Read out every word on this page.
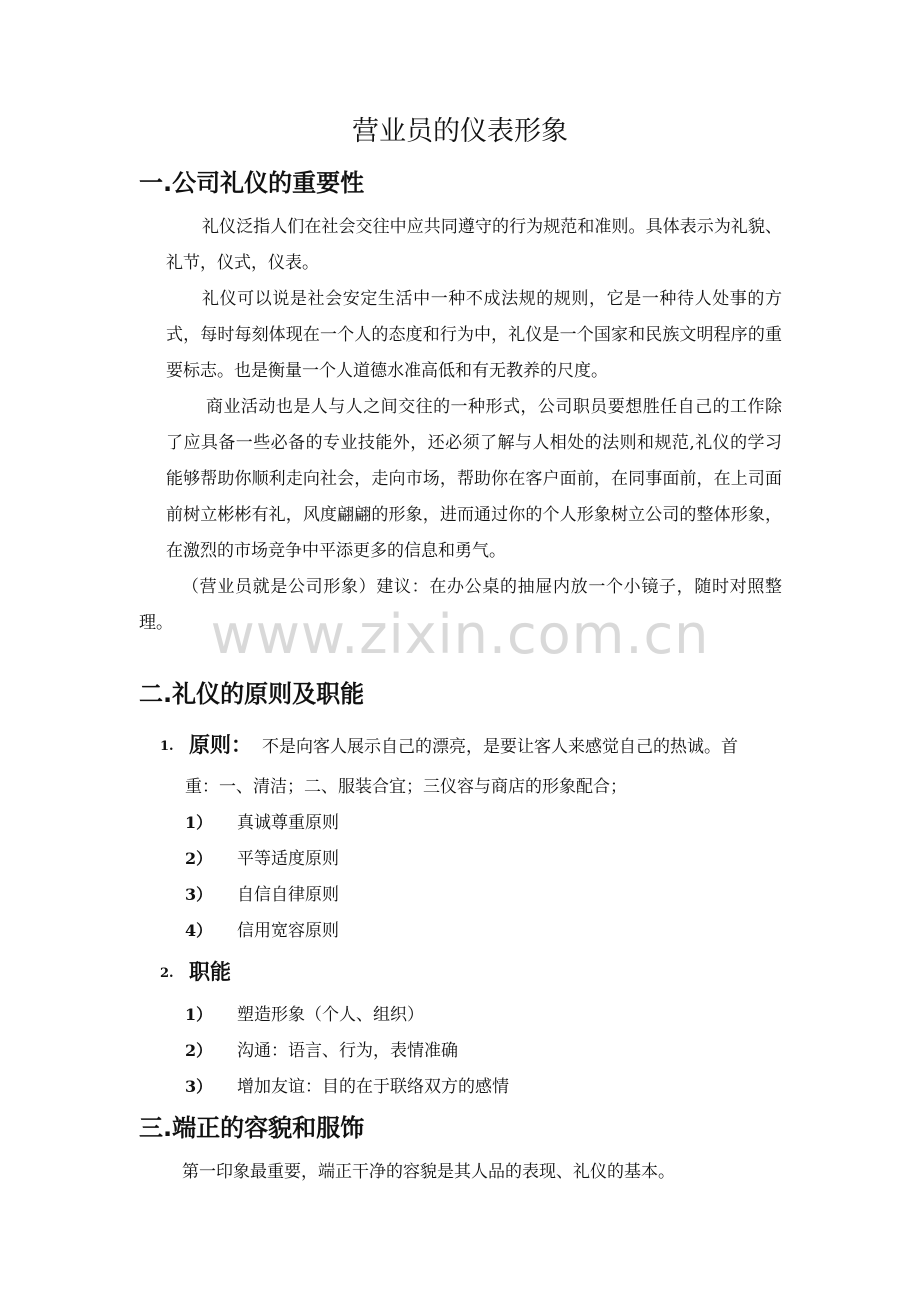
营业员的仪表形象
一.公司礼仪的重要性

礼仪泛指人们在社会交往中应共同遵守的行为规范和准则。具体表示为礼貌、礼节，仪式，仪表。

礼仪可以说是社会安定生活中一种不成法规的规则，它是一种待人处事的方式，每时每刻体现在一个人的态度和行为中，礼仪是一个国家和民族文明程序的重要标志。也是衡量一个人道德水准高低和有无教养的尺度。

商业活动也是人与人之间交往的一种形式，公司职员要想胜任自己的工作除了应具备一些必备的专业技能外，还必须了解与人相处的法则和规范,礼仪的学习能够帮助你顺利走向社会，走向市场，帮助你在客户面前，在同事面前，在上司面前树立彬彬有礼，风度翩翩的形象，进而通过你的个人形象树立公司的整体形象，在激烈的市场竞争中平添更多的信息和勇气。

（营业员就是公司形象）建议：在办公桌的抽屉内放一个小镜子，随时对照整理。 www.zixin.com.cn
二.礼仪的原则及职能
1. 原则： 不是向客人展示自己的漂亮，是要让客人来感觉自己的热诚。首
重：一、清洁；二、服装合宜；三仪容与商店的形象配合；
1） 真诚尊重原则
2） 平等适度原则
3） 自信自律原则
4） 信用宽容原则
2. 职能
1） 塑造形象（个人、组织）
2） 沟通：语言、行为，表情准确
3） 增加友谊：目的在于联络双方的感情
三.端正的容貌和服饰

第一印象最重要，端正干净的容貌是其人品的表现、礼仪的基本。
